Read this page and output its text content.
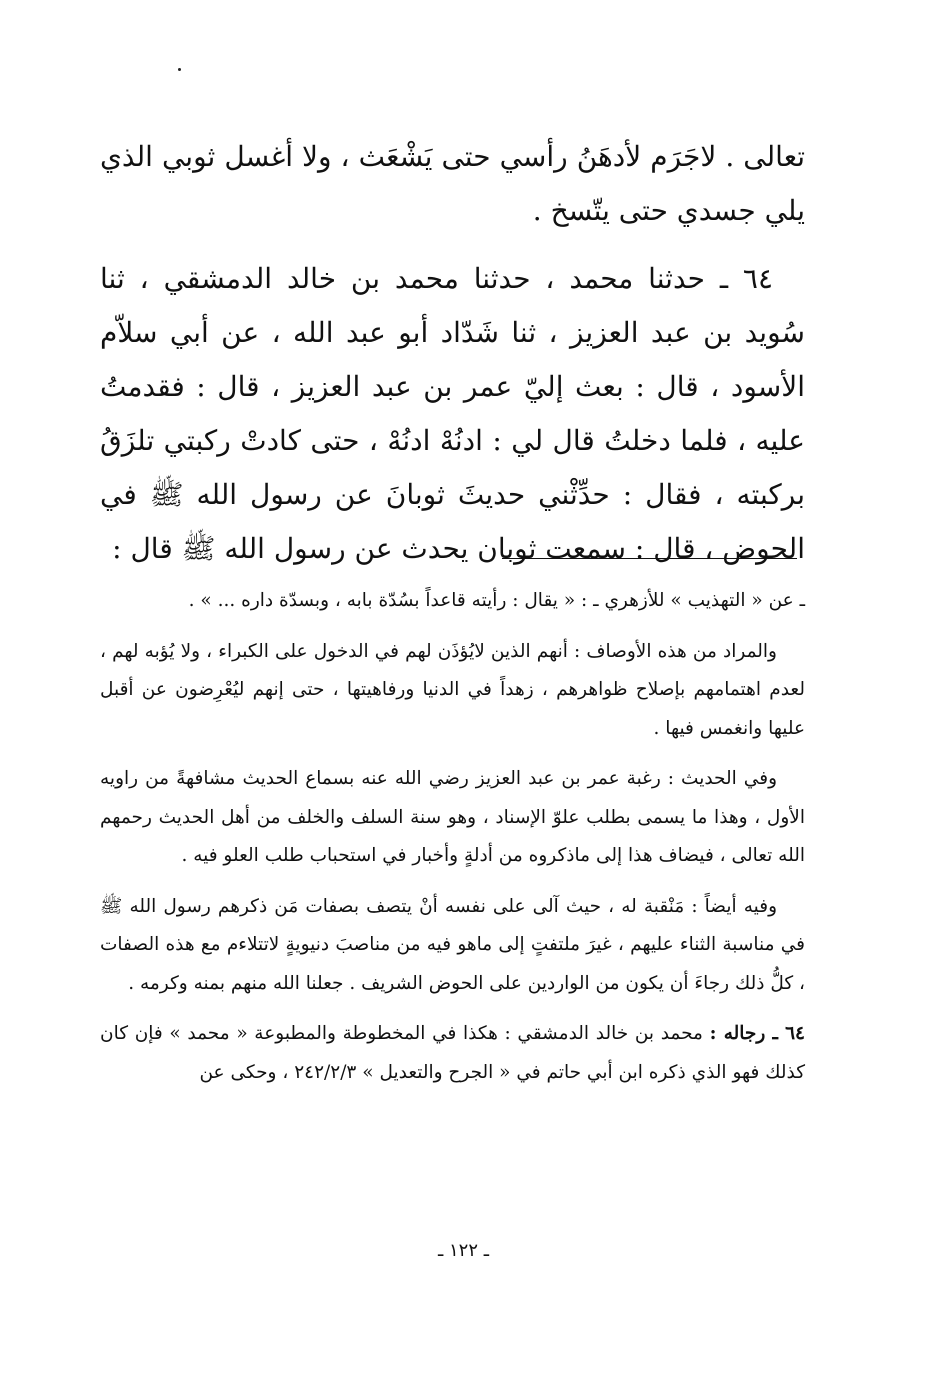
تعالى . لاجَرَم لأدهَنُ رأسي حتى يَشْعَث ، ولا أغسل ثوبي الذي يلي جسدي حتى يتّسخ .

٦٤ ـ حدثنا محمد ، حدثنا محمد بن خالد الدمشقي ، ثنا سُويد بن عبد العزيز ، ثنا شَدّاد أبو عبد الله ، عن أبي سلاّم الأسود ، قال : بعث إليّ عمر بن عبد العزيز ، قال : فقدمتُ عليه ، فلما دخلتُ قال لي : ادنُهْ ادنُهْ ، حتى كادتْ ركبتي تلزَقُ بركبته ، فقال : حدِّثْني حديثَ ثوبانَ عن رسول الله ﷺ في الحوض ، قال : سمعت ثوبان يحدث عن رسول الله ﷺ قال :

ـ عن « التهذيب » للأزهري ـ : « يقال : رأيته قاعداً بسُدّة بابه ، وبسدّة داره ... » .

والمراد من هذه الأوصاف : أنهم الذين لايُؤذَن لهم في الدخول على الكبراء ، ولا يُؤبه لهم ، لعدم اهتمامهم بإصلاح ظواهرهم ، زهداً في الدنيا ورفاهيتها ، حتى إنهم ليُعْرِضون عن أقبل عليها وانغمس فيها .

وفي الحديث : رغبة عمر بن عبد العزيز رضي الله عنه بسماع الحديث مشافهةً من راويه الأول ، وهذا ما يسمى بطلب علوّ الإسناد ، وهو سنة السلف والخلف من أهل الحديث رحمهم الله تعالى ، فيضاف هذا إلى ماذكروه من أدلةٍ وأخبار في استحباب طلب العلو فيه .

وفيه أيضاً : مَنْقبة له ، حيث آلى على نفسه أنْ يتصف بصفات مَن ذكرهم رسول الله ﷺ في مناسبة الثناء عليهم ، غيرَ ملتفتٍ إلى ماهو فيه من مناصبَ دنيويةٍ لاتتلاءم مع هذه الصفات ، كلُّ ذلك رجاءَ أن يكون من الواردين على الحوض الشريف . جعلنا الله منهم بمنه وكرمه .

٦٤ ـ رجاله : محمد بن خالد الدمشقي : هكذا في المخطوطة والمطبوعة « محمد » فإن كان كذلك فهو الذي ذكره ابن أبي حاتم في « الجرح والتعديل » ٢٤٢/٢/٣ ، وحكى عن

ـ ١٢٢ ـ
